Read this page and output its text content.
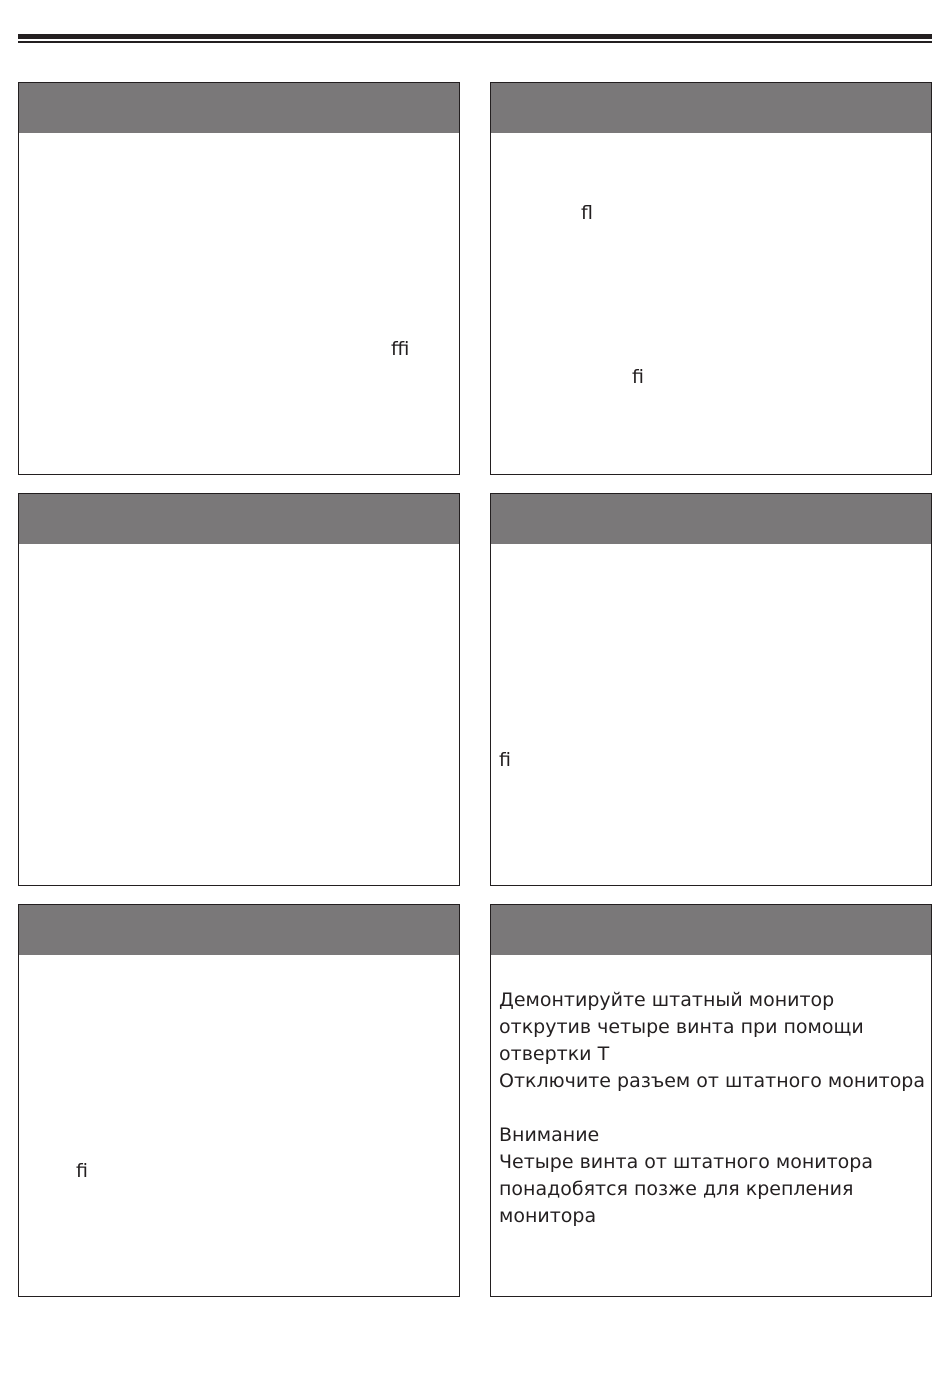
ﬃ
ﬂ
ﬁ
ﬁ
ﬁ
Демонтируйте штатный монитор
открутив четыре винта при помощи
отвертки Т
Отключите разъем от штатного монитора
Внимание
Четыре винта от штатного монитора
понадобятся позже для крепления
монитора
